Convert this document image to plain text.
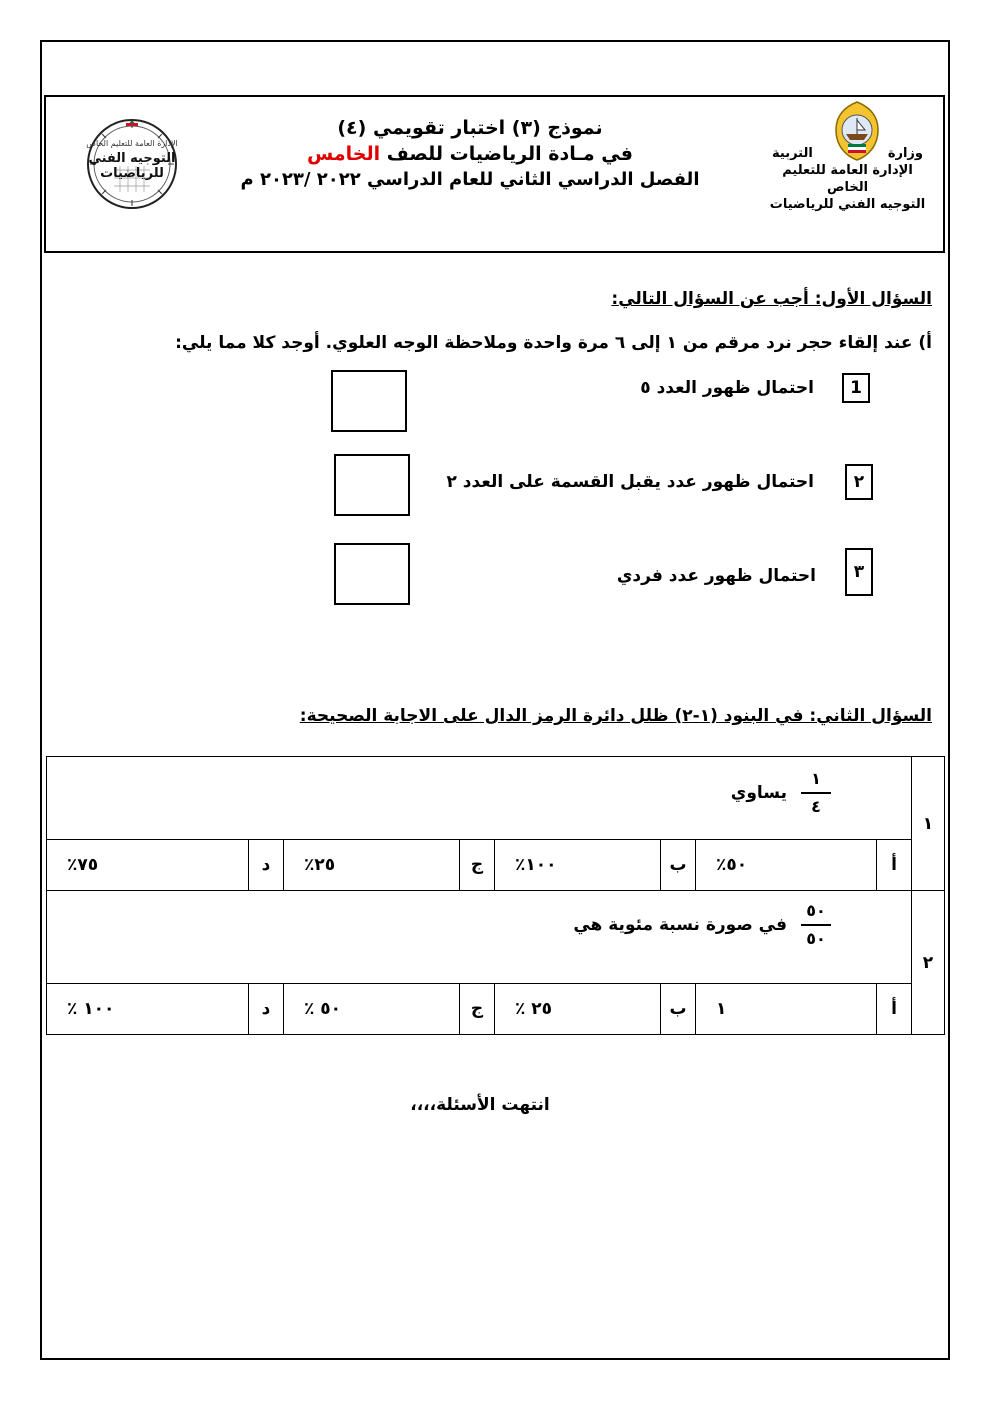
الإدارة العامة للتعليم الخاص
التوجيه الفني للرياضيات
نموذج (٣) اختبار تقويمي (٤)
في مـادة الرياضيات للصف الخامس
الفصل الدراسي الثاني للعام الدراسي ٢٠٢٢ /٢٠٢٣ م
وزارة
التربية
الإدارة العامة للتعليم الخاص
التوجيه الفني للرياضيات
السؤال الأول: أجب عن السؤال التالي:
أ) عند إلقاء حجر نرد مرقم من ١ إلى ٦ مرة واحدة وملاحظة الوجه العلوي. أوجد كلا مما يلي:
1
احتمال ظهور العدد ٥
٢
احتمال ظهور عدد يقبل القسمة على العدد ٢
٣
احتمال ظهور عدد فردي
السؤال الثاني: في البنود (١-٢) ظلل دائرة الرمز الدال على الاجابة الصحيحة:
١	$\frac{١}{٤}$
يساوي							

	أ	٥٠٪	ب	١٠٠٪	ج	٢٥٪	د	٧٥٪
٢	$\frac{٥٠}{٥٠}$
في صورة نسبة مئوية هي							

	أ	١	ب	٢٥ ٪	ج	٥٠ ٪	د	١٠٠ ٪
انتهت الأسئلة،،،،
